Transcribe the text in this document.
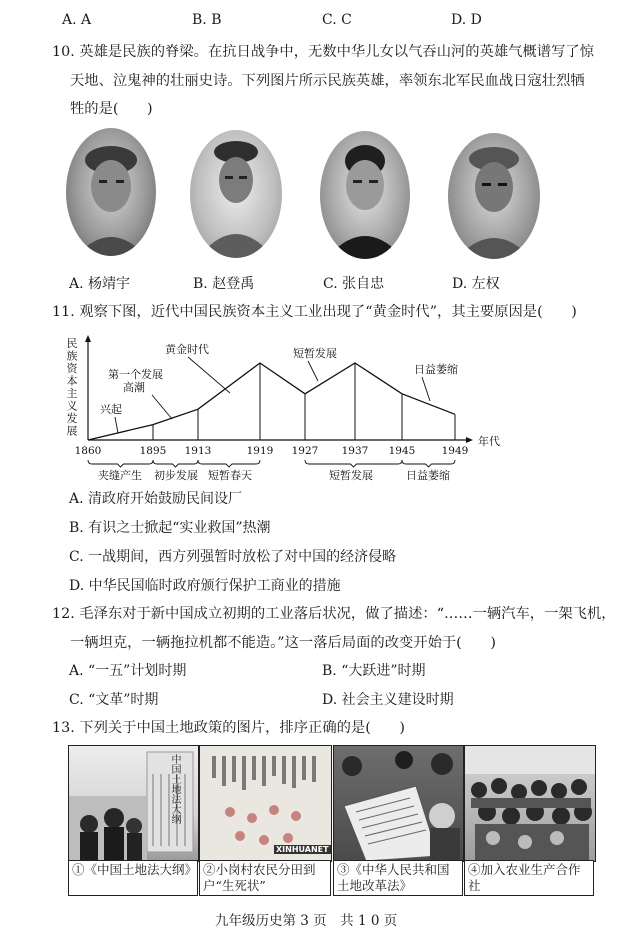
A. A	B. B	C. C	D. D
10. 英雄是民族的脊梁。在抗日战争中，无数中华儿女以气吞山河的英雄气概谱写了惊
天地、泣鬼神的壮丽史诗。下列图片所示民族英雄，率领东北军民血战日寇壮烈牺
牲的是(　　)
A. 杨靖宇	B. 赵登禹	C. 张自忠	D. 左权
11. 观察下图，近代中国民族资本主义工业出现了“黄金时代”，其主要原因是(　　)
民
族
资
本
主
义
发
展
年代
1860	1895 1913	1919 1927 1937 1945	1949
兴起
黄金时代	短暂发展
日益萎缩
第一个发展
高潮
夹缝产生 初步发展 短暂春天	短暂发展	日益萎缩
A. 清政府开始鼓励民间设厂
B. 有识之士掀起“实业救国”热潮
C. 一战期间，西方列强暂时放松了对中国的经济侵略
D. 中华民国临时政府颁行保护工商业的措施
12. 毛泽东对于新中国成立初期的工业落后状况，做了描述：“……一辆汽车，一架飞机，
一辆坦克，一辆拖拉机都不能造。”这一落后局面的改变开始于(　　)
A. “一五”计划时期	B. “大跃进”时期
C. “文革”时期	D. 社会主义建设时期
13. 下列关于中国土地政策的图片，排序正确的是(　　)
中国土地法大纲
①《中国土地法大纲》
XINHUANET
②小岗村农民分田到户“生死状”
③《中华人民共和国土地改革法》
④加入农业生产合作社
九年级历史第 3 页　共 1 0 页
